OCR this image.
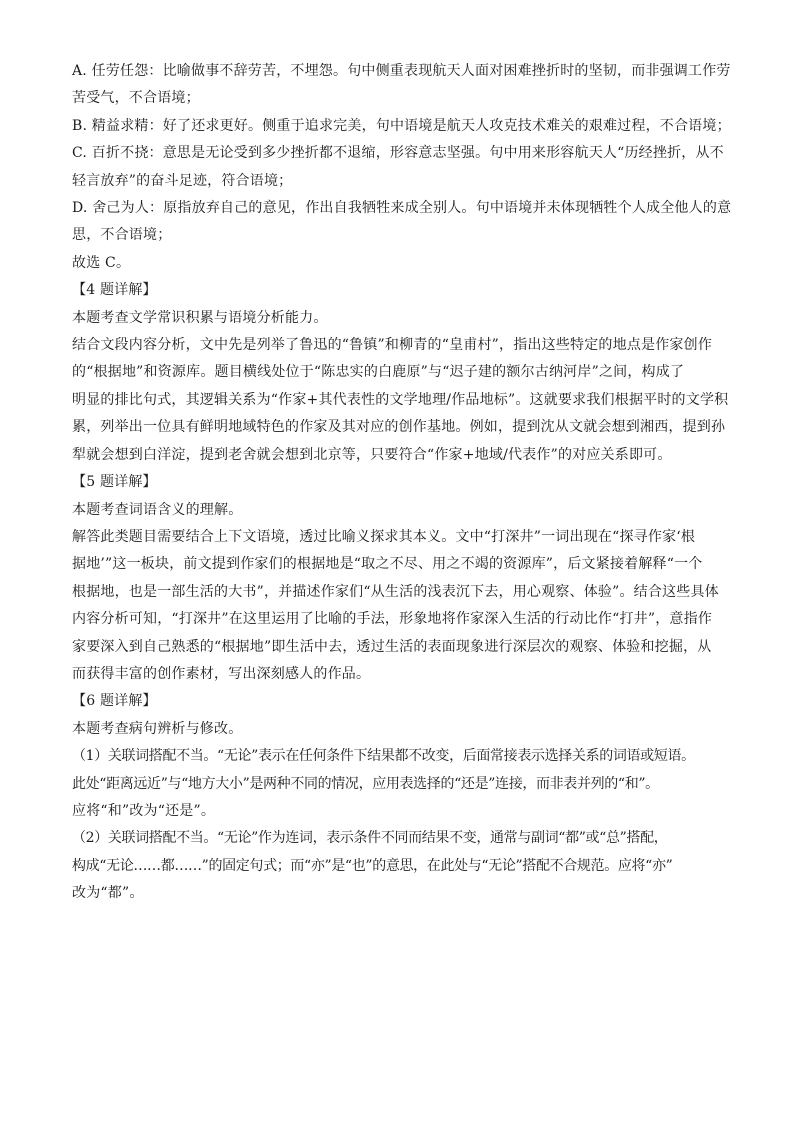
A. 任劳任怨：比喻做事不辞劳苦，不埋怨。句中侧重表现航天人面对困难挫折时的坚韧，而非强调工作劳
苦受气，不合语境；
B. 精益求精：好了还求更好。侧重于追求完美，句中语境是航天人攻克技术难关的艰难过程，不合语境；
C. 百折不挠：意思是无论受到多少挫折都不退缩，形容意志坚强。句中用来形容航天人“历经挫折，从不
轻言放弃”的奋斗足迹，符合语境；
D. 舍己为人：原指放弃自己的意见，作出自我牺牲来成全别人。句中语境并未体现牺牲个人成全他人的意
思，不合语境；
故选 C。
【4 题详解】
本题考查文学常识积累与语境分析能力。
结合文段内容分析，文中先是列举了鲁迅的“鲁镇”和柳青的“皇甫村”，指出这些特定的地点是作家创作
的“根据地”和资源库。题目横线处位于“陈忠实的白鹿原”与“迟子建的额尔古纳河岸”之间，构成了
明显的排比句式，其逻辑关系为“作家+其代表性的文学地理/作品地标”。这就要求我们根据平时的文学积
累，列举出一位具有鲜明地域特色的作家及其对应的创作基地。例如，提到沈从文就会想到湘西，提到孙
犁就会想到白洋淀，提到老舍就会想到北京等，只要符合“作家+地域/代表作”的对应关系即可。
【5 题详解】
本题考查词语含义的理解。
解答此类题目需要结合上下文语境，透过比喻义探求其本义。文中“打深井”一词出现在“探寻作家‘根
据地’”这一板块，前文提到作家们的根据地是“取之不尽、用之不竭的资源库”，后文紧接着解释“一个
根据地，也是一部生活的大书”，并描述作家们“从生活的浅表沉下去，用心观察、体验”。结合这些具体
内容分析可知，“打深井”在这里运用了比喻的手法，形象地将作家深入生活的行动比作“打井”，意指作
家要深入到自己熟悉的“根据地”即生活中去，透过生活的表面现象进行深层次的观察、体验和挖掘，从
而获得丰富的创作素材，写出深刻感人的作品。
【6 题详解】
本题考查病句辨析与修改。
（1）关联词搭配不当。“无论”表示在任何条件下结果都不改变，后面常接表示选择关系的词语或短语。
此处“距离远近”与“地方大小”是两种不同的情况，应用表选择的“还是”连接，而非表并列的“和”。
应将“和”改为“还是”。
（2）关联词搭配不当。“无论”作为连词，表示条件不同而结果不变，通常与副词“都”或“总”搭配，
构成“无论……都……”的固定句式；而“亦”是“也”的意思，在此处与“无论”搭配不合规范。应将“亦”
改为“都”。
